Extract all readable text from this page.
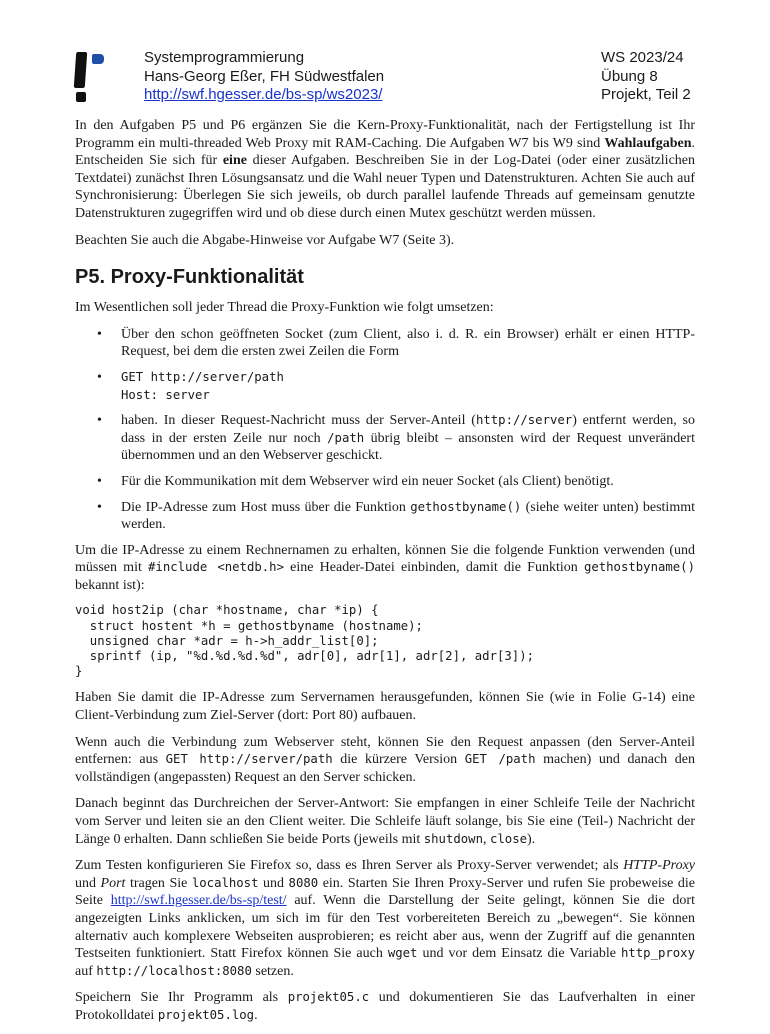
Systemprogrammierung
Hans-Georg Eßer, FH Südwestfalen
http://swf.hgesser.de/bs-sp/ws2023/
WS 2023/24
Übung 8
Projekt, Teil 2

In den Aufgaben P5 und P6 ergänzen Sie die Kern-Proxy-Funktionalität, nach der Fertigstellung ist Ihr Programm ein multi-threaded Web Proxy mit RAM-Caching. Die Aufgaben W7 bis W9 sind Wahlaufgaben. Entscheiden Sie sich für eine dieser Aufgaben. Beschreiben Sie in der Log-Datei (oder einer zusätzlichen Textdatei) zunächst Ihren Lösungsansatz und die Wahl neuer Typen und Datenstrukturen. Achten Sie auch auf Synchronisierung: Überlegen Sie sich jeweils, ob durch parallel laufende Threads auf gemeinsam genutzte Datenstrukturen zugegriffen wird und ob diese durch einen Mutex geschützt werden müssen.

Beachten Sie auch die Abgabe-Hinweise vor Aufgabe W7 (Seite 3).

P5. Proxy-Funktionalität

Im Wesentlichen soll jeder Thread die Proxy-Funktion wie folgt umsetzen:

• Über den schon geöffneten Socket (zum Client, also i. d. R. ein Browser) erhält er einen HTTP-Request, bei dem die ersten zwei Zeilen die Form
• GET http://server/path
Host: server
• haben. In dieser Request-Nachricht muss der Server-Anteil (http://server) entfernt werden, so dass in der ersten Zeile nur noch /path übrig bleibt – ansonsten wird der Request unverändert übernommen und an den Webserver geschickt.
• Für die Kommunikation mit dem Webserver wird ein neuer Socket (als Client) benötigt.
• Die IP-Adresse zum Host muss über die Funktion gethostbyname() (siehe weiter unten) bestimmt werden.

Um die IP-Adresse zu einem Rechnernamen zu erhalten, können Sie die folgende Funktion verwenden (und müssen mit #include <netdb.h> eine Header-Datei einbinden, damit die Funktion gethostbyname() bekannt ist):

void host2ip (char *hostname, char *ip) {
struct hostent *h = gethostbyname (hostname);
unsigned char *adr = h->h_addr_list[0];
sprintf (ip, "%d.%d.%d.%d", adr[0], adr[1], adr[2], adr[3]);
}

Haben Sie damit die IP-Adresse zum Servernamen herausgefunden, können Sie (wie in Folie G-14) eine Client-Verbindung zum Ziel-Server (dort: Port 80) aufbauen.

Wenn auch die Verbindung zum Webserver steht, können Sie den Request anpassen (den Server-Anteil entfernen: aus GET http://server/path die kürzere Version GET /path machen) und danach den vollständigen (angepassten) Request an den Server schicken.

Danach beginnt das Durchreichen der Server-Antwort: Sie empfangen in einer Schleife Teile der Nachricht vom Server und leiten sie an den Client weiter. Die Schleife läuft solange, bis Sie eine (Teil-) Nachricht der Länge 0 erhalten. Dann schließen Sie beide Ports (jeweils mit shutdown, close).

Zum Testen konfigurieren Sie Firefox so, dass es Ihren Server als Proxy-Server verwendet; als HTTP-Proxy und Port tragen Sie localhost und 8080 ein. Starten Sie Ihren Proxy-Server und rufen Sie probeweise die Seite http://swf.hgesser.de/bs-sp/test/ auf. Wenn die Darstellung der Seite gelingt, können Sie die dort angezeigten Links anklicken, um sich im für den Test vorbereiteten Bereich zu „bewegen“. Sie können alternativ auch komplexere Webseiten ausprobieren; es reicht aber aus, wenn der Zugriff auf die genannten Testseiten funktioniert. Statt Firefox können Sie auch wget und vor dem Einsatz die Variable http_proxy auf http://localhost:8080 setzen.

Speichern Sie Ihr Programm als projekt05.c und dokumentieren Sie das Laufverhalten in einer Protokolldatei projekt05.log.
